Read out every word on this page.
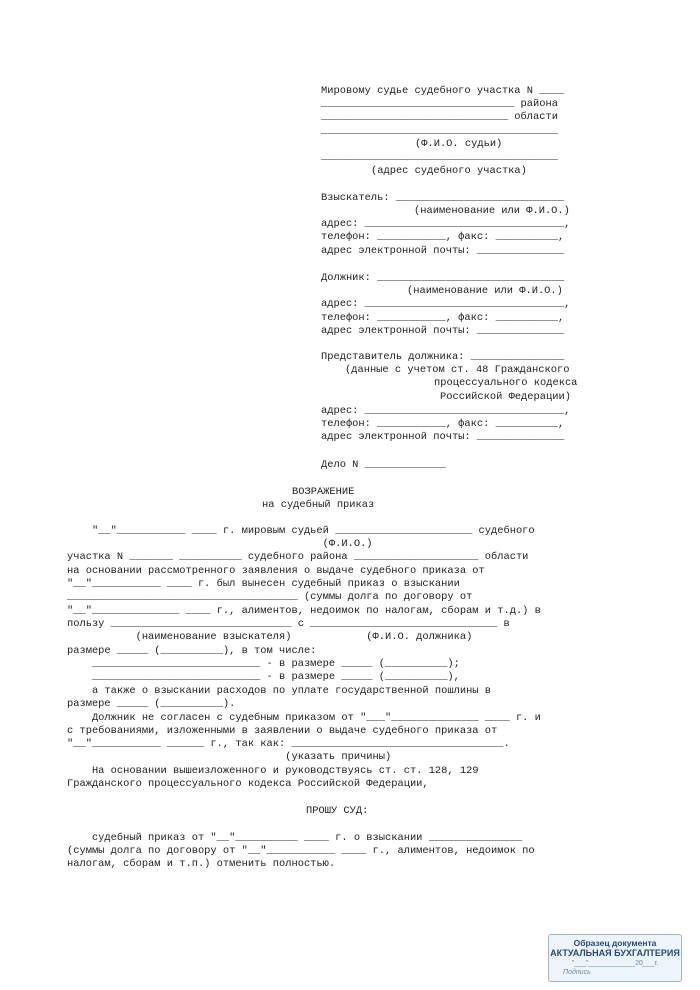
Мировому судье судебного участка N ____
_______________________________ района
______________________________ области
______________________________________
(Ф.И.О. судьи)
______________________________________
(адрес судебного участка)
Взыскатель: ___________________________
(наименование или Ф.И.О.)
адрес: ________________________________,
телефон: ___________, факс: __________,
адрес электронной почты: ______________
Должник: ______________________________
(наименование или Ф.И.О.)
адрес: ________________________________,
телефон: ___________, факс: __________,
адрес электронной почты: ______________
Представитель должника: _______________
(данные с учетом ст. 48 Гражданского
процессуального кодекса
Российской Федерации)
адрес: ________________________________,
телефон: ___________, факс: __________,
адрес электронной почты: ______________
Дело N _____________
ВОЗРАЖЕНИЕ
на судебный приказ
"__"___________ ____ г. мировым судьей ______________________ судебного
(Ф.И.О.)
участка N _______ __________ судебного района ____________________ области
на основании рассмотренного заявления о выдаче судебного приказа от
"__"___________ ____ г. был вынесен судебный приказ о взыскании
_____________________________________ (суммы долга по договору от
"__"______________ ____ г., алиментов, недоимок по налогам, сборам и т.д.) в
пользу _____________________________ с ______________________________ в
(наименование взыскателя)            (Ф.И.О. должника)
размере _____ (__________), в том числе:
___________________________ - в размере _____ (__________);
___________________________ - в размере _____ (__________),
а также о взыскании расходов по уплате государственной пошлины в
размере _____ (__________).
Должник не согласен с судебным приказом от "___"______________ ____ г. и
с требованиями, изложенными в заявлении о выдаче судебного приказа от
"__"___________ ______ г., так как: __________________________________.
(указать причины)
На основании вышеизложенного и руководствуясь ст. ст. 128, 129
Гражданского процессуального кодекса Российской Федерации,
ПРОШУ СУД:
судебный приказ от "__"__________ ____ г. о взыскании _______________
(суммы долга по договору от "__"___________ ____ г., алиментов, недоимок по
налогам, сборам и т.п.) отменить полностью.
Образец документа
АКТУАЛЬНАЯ БУХГАЛТЕРИЯ
"___"____________20___г.
Подпись
